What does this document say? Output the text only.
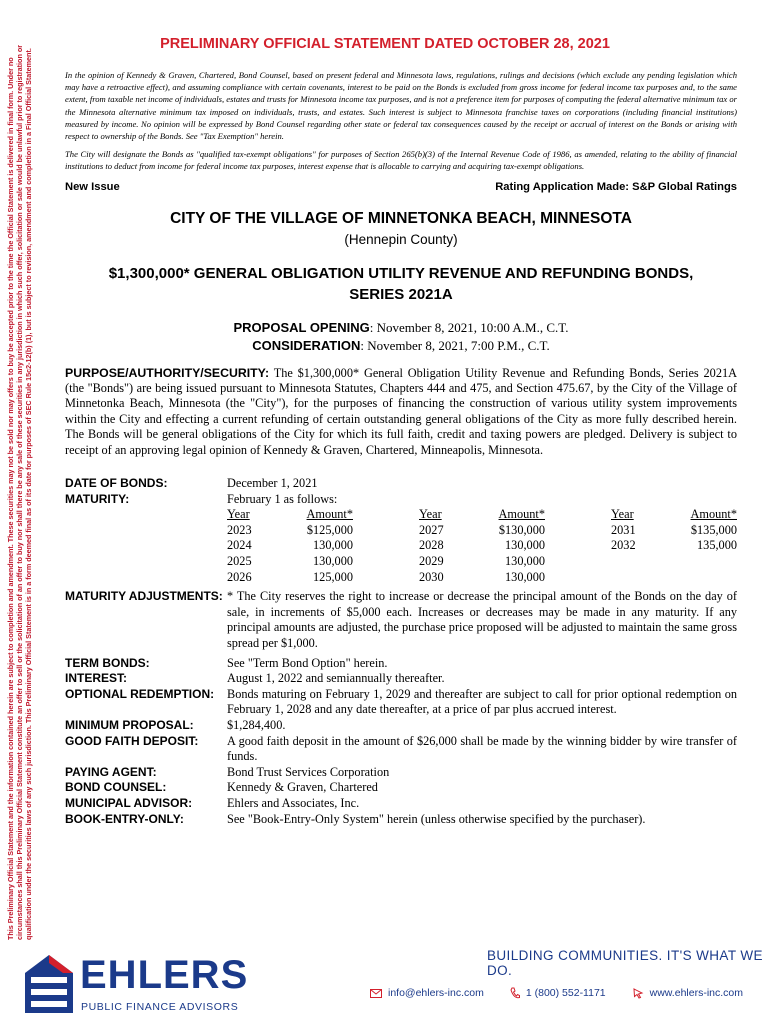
This Preliminary Official Statement and the information contained herein are subject to completion and amendment. These securities may not be sold nor may offers to buy be accepted prior to the time the Official Statement is delivered in final form. Under no circumstances shall this Preliminary Official Statement constitute an offer to sell or the solicitation of an offer to buy nor shall there be any sale of these securities in any jurisdiction in which such offer, solicitation or sale would be unlawful prior to registration or qualification under the securities laws of any such jurisdiction. This Preliminary Official Statement is in a form deemed final as of its date for purposes of SEC Rule 15c2-12(b) (1), but is subject to revision, amendment and completion in a Final Official Statement.
PRELIMINARY OFFICIAL STATEMENT DATED OCTOBER 28, 2021

In the opinion of Kennedy & Graven, Chartered, Bond Counsel, based on present federal and Minnesota laws, regulations, rulings and decisions (which exclude any pending legislation which may have a retroactive effect), and assuming compliance with certain covenants, interest to be paid on the Bonds is excluded from gross income for federal income tax purposes and, to the same extent, from taxable net income of individuals, estates and trusts for Minnesota income tax purposes, and is not a preference item for purposes of computing the federal alternative minimum tax or the Minnesota alternative minimum tax imposed on individuals, trusts, and estates. Such interest is subject to Minnesota franchise taxes on corporations (including financial institutions) measured by income. No opinion will be expressed by Bond Counsel regarding other state or federal tax consequences caused by the receipt or accrual of interest on the Bonds or arising with respect to ownership of the Bonds. See "Tax Exemption" herein.

The City will designate the Bonds as "qualified tax-exempt obligations" for purposes of Section 265(b)(3) of the Internal Revenue Code of 1986, as amended, relating to the ability of financial institutions to deduct from income for federal income tax purposes, interest expense that is allocable to carrying and acquiring tax-exempt obligations.

New Issue	Rating Application Made: S&P Global Ratings
CITY OF THE VILLAGE OF MINNETONKA BEACH, MINNESOTA
(Hennepin County)
$1,300,000* GENERAL OBLIGATION UTILITY REVENUE AND REFUNDING BONDS,
SERIES 2021A
PROPOSAL OPENING: November 8, 2021, 10:00 A.M., C.T.
CONSIDERATION: November 8, 2021, 7:00 P.M., C.T.
PURPOSE/AUTHORITY/SECURITY: The $1,300,000* General Obligation Utility Revenue and Refunding Bonds, Series 2021A (the "Bonds") are being issued pursuant to Minnesota Statutes, Chapters 444 and 475, and Section 475.67, by the City of the Village of Minnetonka Beach, Minnesota (the "City"), for the purposes of financing the construction of various utility system improvements within the City and effecting a current refunding of certain outstanding general obligations of the City as more fully described herein. The Bonds will be general obligations of the City for which its full faith, credit and taxing powers are pledged. Delivery is subject to receipt of an approving legal opinion of Kennedy & Graven, Chartered, Minneapolis, Minnesota.
DATE OF BONDS:	December 1, 2021
MATURITY:	February 1 as follows:
Year	Amount*	Year	Amount*	Year	Amount*
2023	$125,000	2027	$130,000	2031	$135,000
2024	130,000	2028	130,000	2032	135,000
2025	130,000	2029	130,000
2026	125,000	2030	130,000
MATURITY ADJUSTMENTS: * The City reserves the right to increase or decrease the principal amount of the Bonds on the day of sale, in increments of $5,000 each. Increases or decreases may be made in any maturity. If any principal amounts are adjusted, the purchase price proposed will be adjusted to maintain the same gross spread per $1,000.
TERM BONDS:	See "Term Bond Option" herein.
INTEREST:	August 1, 2022 and semiannually thereafter.
OPTIONAL REDEMPTION:	Bonds maturing on February 1, 2029 and thereafter are subject to call for prior optional redemption on February 1, 2028 and any date thereafter, at a price of par plus accrued interest.
MINIMUM PROPOSAL:	$1,284,400.
GOOD FAITH DEPOSIT:	A good faith deposit in the amount of $26,000 shall be made by the winning bidder by wire transfer of funds.
PAYING AGENT:	Bond Trust Services Corporation
BOND COUNSEL:	Kennedy & Graven, Chartered
MUNICIPAL ADVISOR:	Ehlers and Associates, Inc.
BOOK-ENTRY-ONLY:	See "Book-Entry-Only System" herein (unless otherwise specified by the purchaser).
EHLERS
PUBLIC FINANCE ADVISORS
BUILDING COMMUNITIES. IT'S WHAT WE DO.
info@ehlers-inc.com	1 (800) 552-1171	www.ehlers-inc.com
